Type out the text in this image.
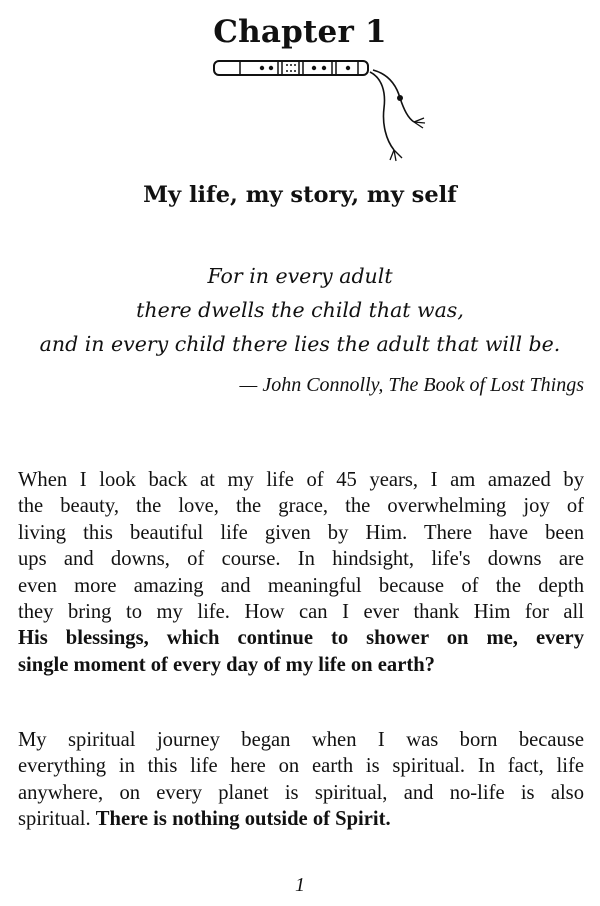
Chapter 1
My life, my story, my self
For in every adult
there dwells the child that was,
and in every child there lies the adult that will be.
— John Connolly, The Book of Lost Things
When I look back at my life of 45 years, I am amazed by
the beauty, the love, the grace, the overwhelming joy of
living this beautiful life given by Him. There have been
ups and downs, of course. In hindsight, life's downs are
even more amazing and meaningful because of the depth
they bring to my life. How can I ever thank Him for all
His blessings, which continue to shower on me, every
single moment of every day of my life on earth?
My spiritual journey began when I was born because
everything in this life here on earth is spiritual. In fact, life
anywhere, on every planet is spiritual, and no-life is also
spiritual. There is nothing outside of Spirit.
1
